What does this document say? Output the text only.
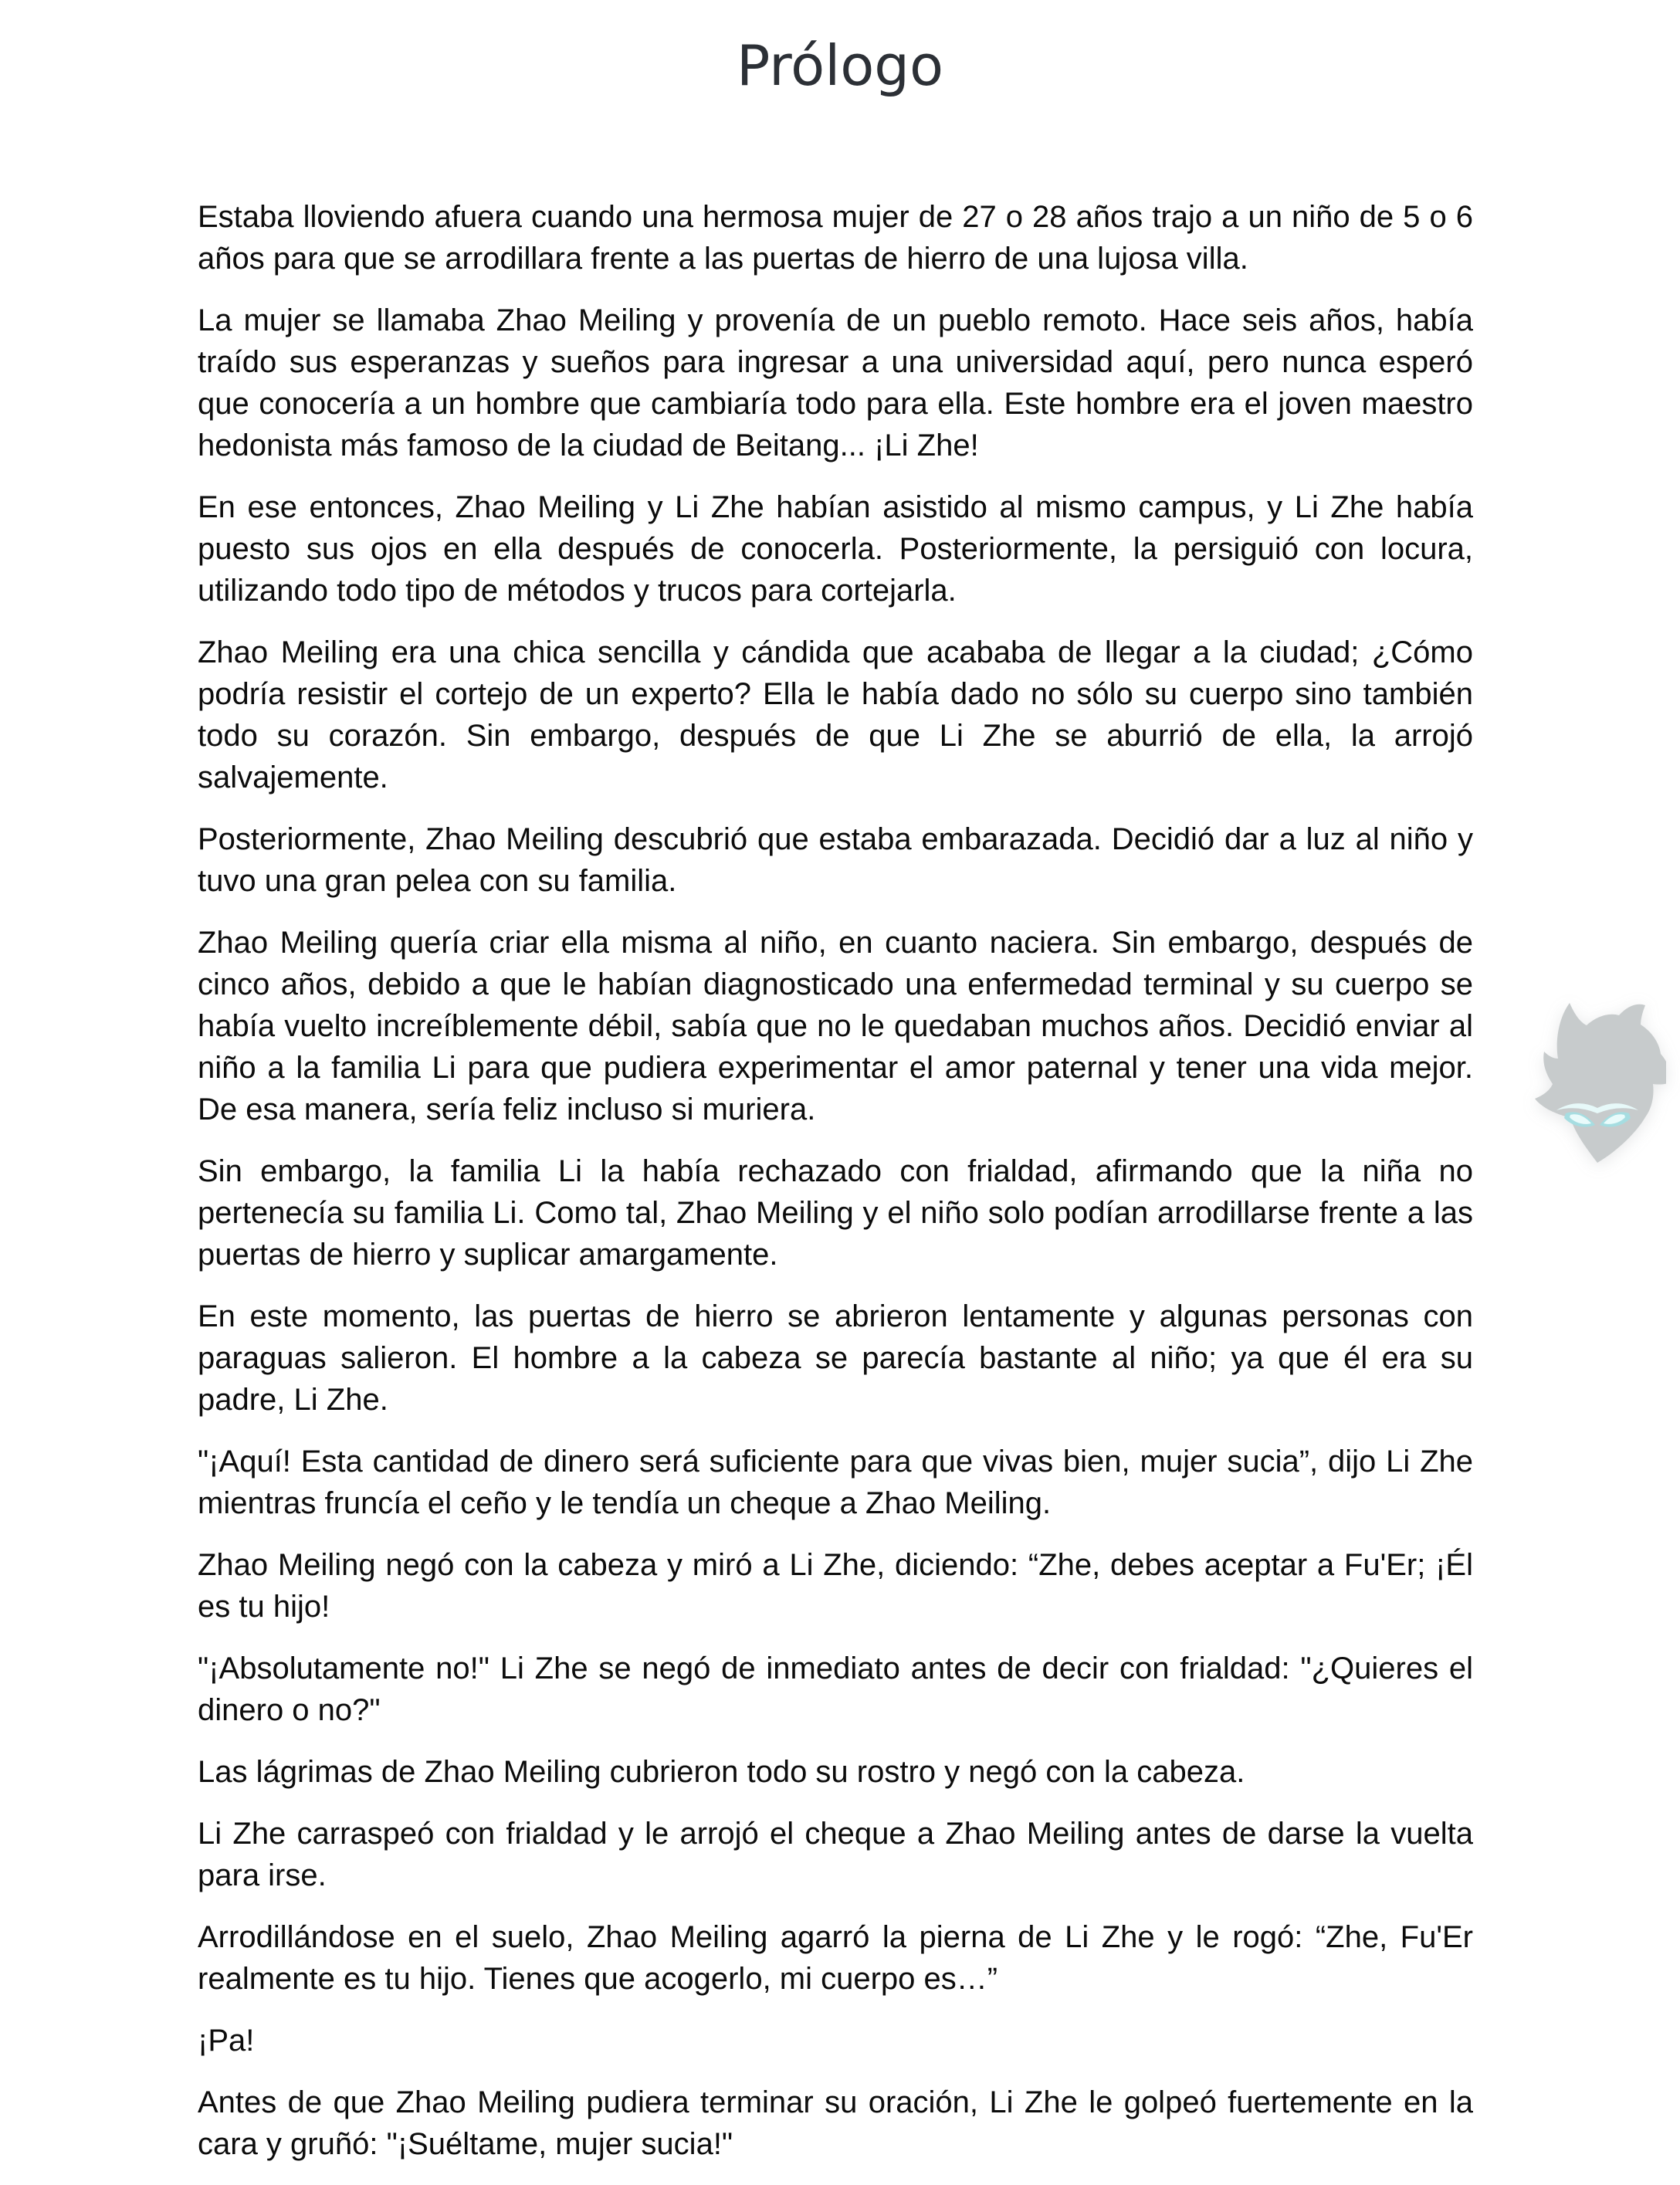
Prólogo

Estaba lloviendo afuera cuando una hermosa mujer de 27 o 28 años trajo a un niño de 5 o 6 años para que se arrodillara frente a las puertas de hierro de una lujosa villa.

La mujer se llamaba Zhao Meiling y provenía de un pueblo remoto. Hace seis años, había traído sus esperanzas y sueños para ingresar a una universidad aquí, pero nunca esperó que conocería a un hombre que cambiaría todo para ella. Este hombre era el joven maestro hedonista más famoso de la ciudad de Beitang... ¡Li Zhe!

En ese entonces, Zhao Meiling y Li Zhe habían asistido al mismo campus, y Li Zhe había puesto sus ojos en ella después de conocerla. Posteriormente, la persiguió con locura, utilizando todo tipo de métodos y trucos para cortejarla.

Zhao Meiling era una chica sencilla y cándida que acababa de llegar a la ciudad; ¿Cómo podría resistir el cortejo de un experto? Ella le había dado no sólo su cuerpo sino también todo su corazón. Sin embargo, después de que Li Zhe se aburrió de ella, la arrojó salvajemente.

Posteriormente, Zhao Meiling descubrió que estaba embarazada. Decidió dar a luz al niño y tuvo una gran pelea con su familia.

Zhao Meiling quería criar ella misma al niño, en cuanto naciera. Sin embargo, después de cinco años, debido a que le habían diagnosticado una enfermedad terminal y su cuerpo se había vuelto increíblemente débil, sabía que no le quedaban muchos años. Decidió enviar al niño a la familia Li para que pudiera experimentar el amor paternal y tener una vida mejor. De esa manera, sería feliz incluso si muriera.

Sin embargo, la familia Li la había rechazado con frialdad, afirmando que la niña no pertenecía su familia Li. Como tal, Zhao Meiling y el niño solo podían arrodillarse frente a las puertas de hierro y suplicar amargamente.

En este momento, las puertas de hierro se abrieron lentamente y algunas personas con paraguas salieron. El hombre a la cabeza se parecía bastante al niño; ya que él era su padre, Li Zhe.

"¡Aquí! Esta cantidad de dinero será suficiente para que vivas bien, mujer sucia”, dijo Li Zhe mientras fruncía el ceño y le tendía un cheque a Zhao Meiling.

Zhao Meiling negó con la cabeza y miró a Li Zhe, diciendo: “Zhe, debes aceptar a Fu'Er; ¡Él es tu hijo!

"¡Absolutamente no!" Li Zhe se negó de inmediato antes de decir con frialdad: "¿Quieres el dinero o no?"

Las lágrimas de Zhao Meiling cubrieron todo su rostro y negó con la cabeza.

Li Zhe carraspeó con frialdad y le arrojó el cheque a Zhao Meiling antes de darse la vuelta para irse.

Arrodillándose en el suelo, Zhao Meiling agarró la pierna de Li Zhe y le rogó: “Zhe, Fu'Er realmente es tu hijo. Tienes que acogerlo, mi cuerpo es…”

¡Pa!

Antes de que Zhao Meiling pudiera terminar su oración, Li Zhe le golpeó fuertemente en la cara y gruñó: "¡Suéltame, mujer sucia!"
